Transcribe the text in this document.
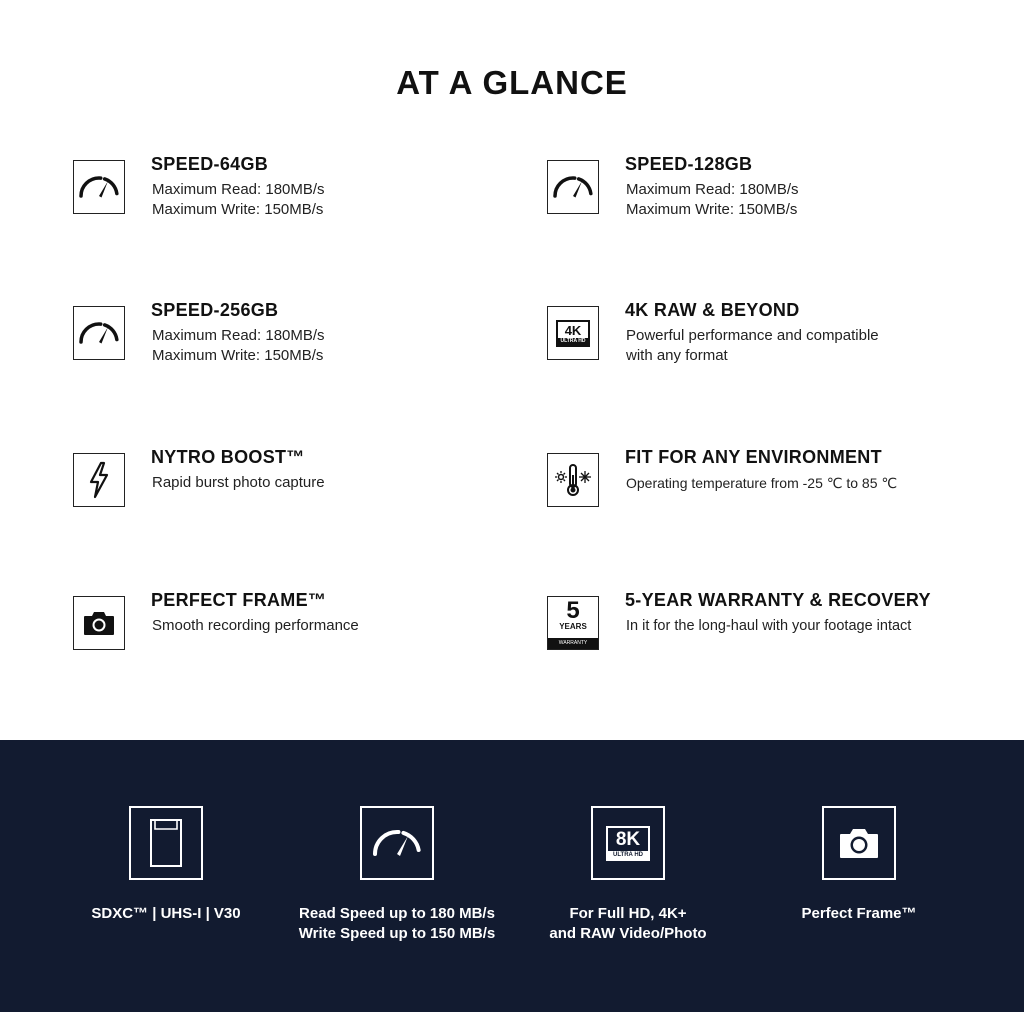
AT A GLANCE
SPEED-64GB
Maximum Read: 180MB/s
Maximum Write: 150MB/s
SPEED-128GB
Maximum Read: 180MB/s
Maximum Write: 150MB/s
SPEED-256GB
Maximum Read: 180MB/s
Maximum Write: 150MB/s
4K
ULTRA HD
4K RAW & BEYOND
Powerful performance and compatible
with any format
NYTRO BOOST™
Rapid burst photo capture
FIT FOR ANY ENVIRONMENT
Operating temperature from -25 ℃ to 85 ℃
PERFECT FRAME™
Smooth recording performance
5
YEARS
WARRANTY
5-YEAR WARRANTY & RECOVERY
In it for the long-haul with your footage intact
SDXC™ | UHS-I | V30	Read Speed up to 180 MB/s
Write Speed up to 150 MB/s
8K
ULTRA HD
For Full HD, 4K+
and RAW Video/Photo
Perfect Frame™
